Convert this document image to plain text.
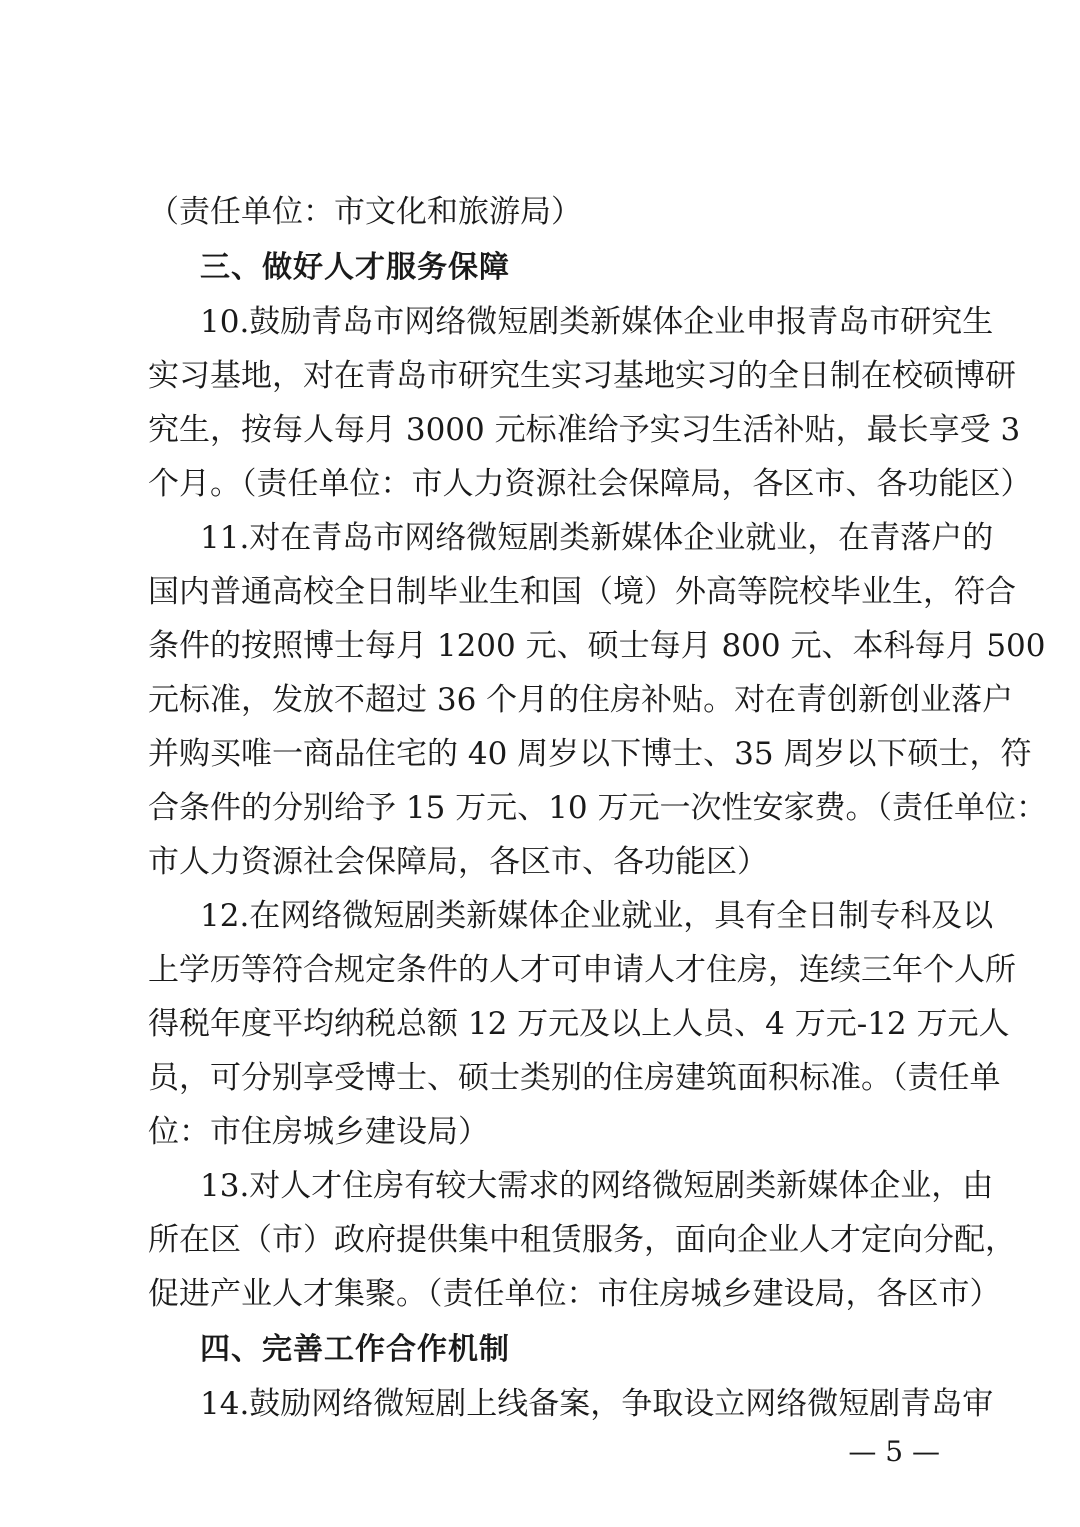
（责任单位：市文化和旅游局）
三、做好人才服务保障
10.鼓励青岛市网络微短剧类新媒体企业申报青岛市研究生
实习基地，对在青岛市研究生实习基地实习的全日制在校硕博研
究生，按每人每月 3000 元标准给予实习生活补贴，最长享受 3
个月。（责任单位：市人力资源社会保障局，各区市、各功能区）
11.对在青岛市网络微短剧类新媒体企业就业，在青落户的
国内普通高校全日制毕业生和国（境）外高等院校毕业生，符合
条件的按照博士每月 1200 元、硕士每月 800 元、本科每月 500
元标准，发放不超过 36 个月的住房补贴。对在青创新创业落户
并购买唯一商品住宅的 40 周岁以下博士、35 周岁以下硕士，符
合条件的分别给予 15 万元、10 万元一次性安家费。（责任单位：
市人力资源社会保障局，各区市、各功能区）
12.在网络微短剧类新媒体企业就业，具有全日制专科及以
上学历等符合规定条件的人才可申请人才住房，连续三年个人所
得税年度平均纳税总额 12 万元及以上人员、4 万元-12 万元人
员，可分别享受博士、硕士类别的住房建筑面积标准。（责任单
位：市住房城乡建设局）
13.对人才住房有较大需求的网络微短剧类新媒体企业，由
所在区（市）政府提供集中租赁服务，面向企业人才定向分配，
促进产业人才集聚。（责任单位：市住房城乡建设局，各区市）
四、完善工作合作机制
14.鼓励网络微短剧上线备案，争取设立网络微短剧青岛审
— 5 —
